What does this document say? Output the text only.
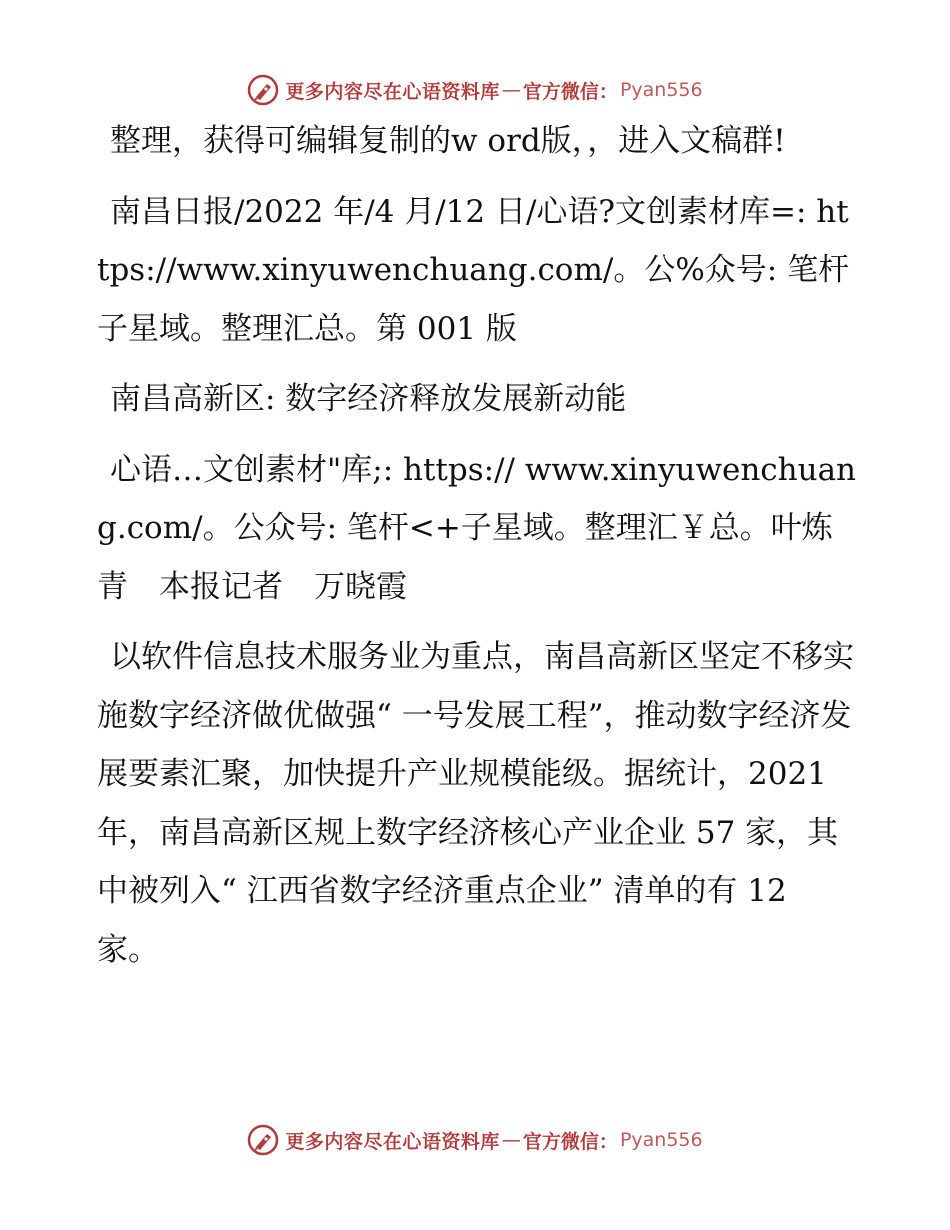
更多内容尽在心语资料库 — 官方微信： Pyan556

整理，获得可编辑复制的w ord版，，进入文稿群!

南昌日报/2022 年/4 月/12 日/心语?文创素材库=: https://www.xinyuwenchuang.com/。公%众号: 笔杆子星域。整理汇总。第 001 版

南昌高新区: 数字经济释放发展新动能

心语…文创素材"库;: https:// www.xinyuwenchuang.com/。公众号: 笔杆<+子星域。整理汇￥总。叶炼青　本报记者　万晓霞

以软件信息技术服务业为重点，南昌高新区坚定不移实施数字经济做优做强“ 一号发展工程”，推动数字经济发展要素汇聚，加快提升产业规模能级。据统计，2021 年，南昌高新区规上数字经济核心产业企业 57 家，其中被列入“ 江西省数字经济重点企业” 清单的有 12 家。

更多内容尽在心语资料库 — 官方微信： Pyan556
